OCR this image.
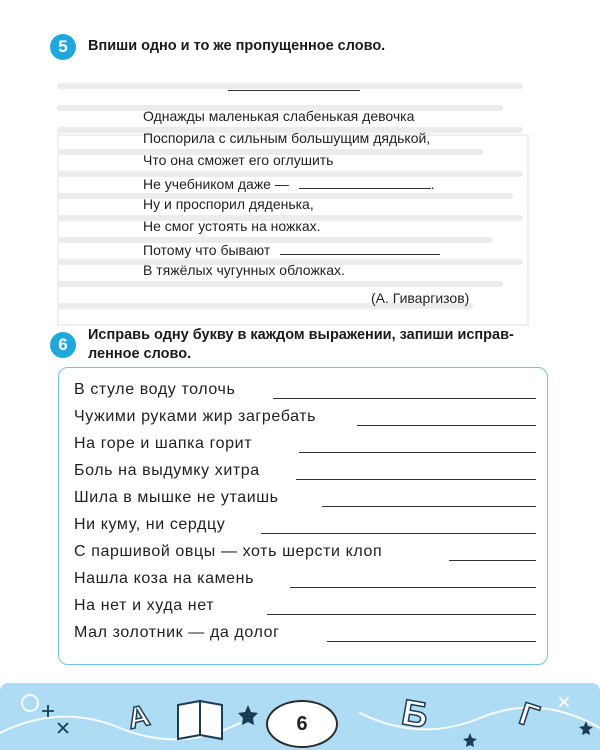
5	Впиши одно и то же пропущенное слово.
Однажды маленькая слабенькая девочка
Поспорила с сильным большущим дядькой,
Что она сможет его оглушить
Не учебником даже —	.
Ну и проспорил дяденька,
Не смог устоять на ножках.
Потому что бывают
В тяжёлых чугунных обложках.
(А. Гиваргизов)
6	Исправь одну букву в каждом выражении, запиши исправ-
ленное слово.
В стуле воду толочь
Чужими руками жир загребать
На горе и шапка горит
Боль на выдумку хитра
Шила в мышке не утаишь
Ни куму, ни сердцу
С паршивой овцы — хоть шерсти клоп
Нашла коза на камень
На нет и худа нет
Мал золотник — да долог
А	Б	Г
6
